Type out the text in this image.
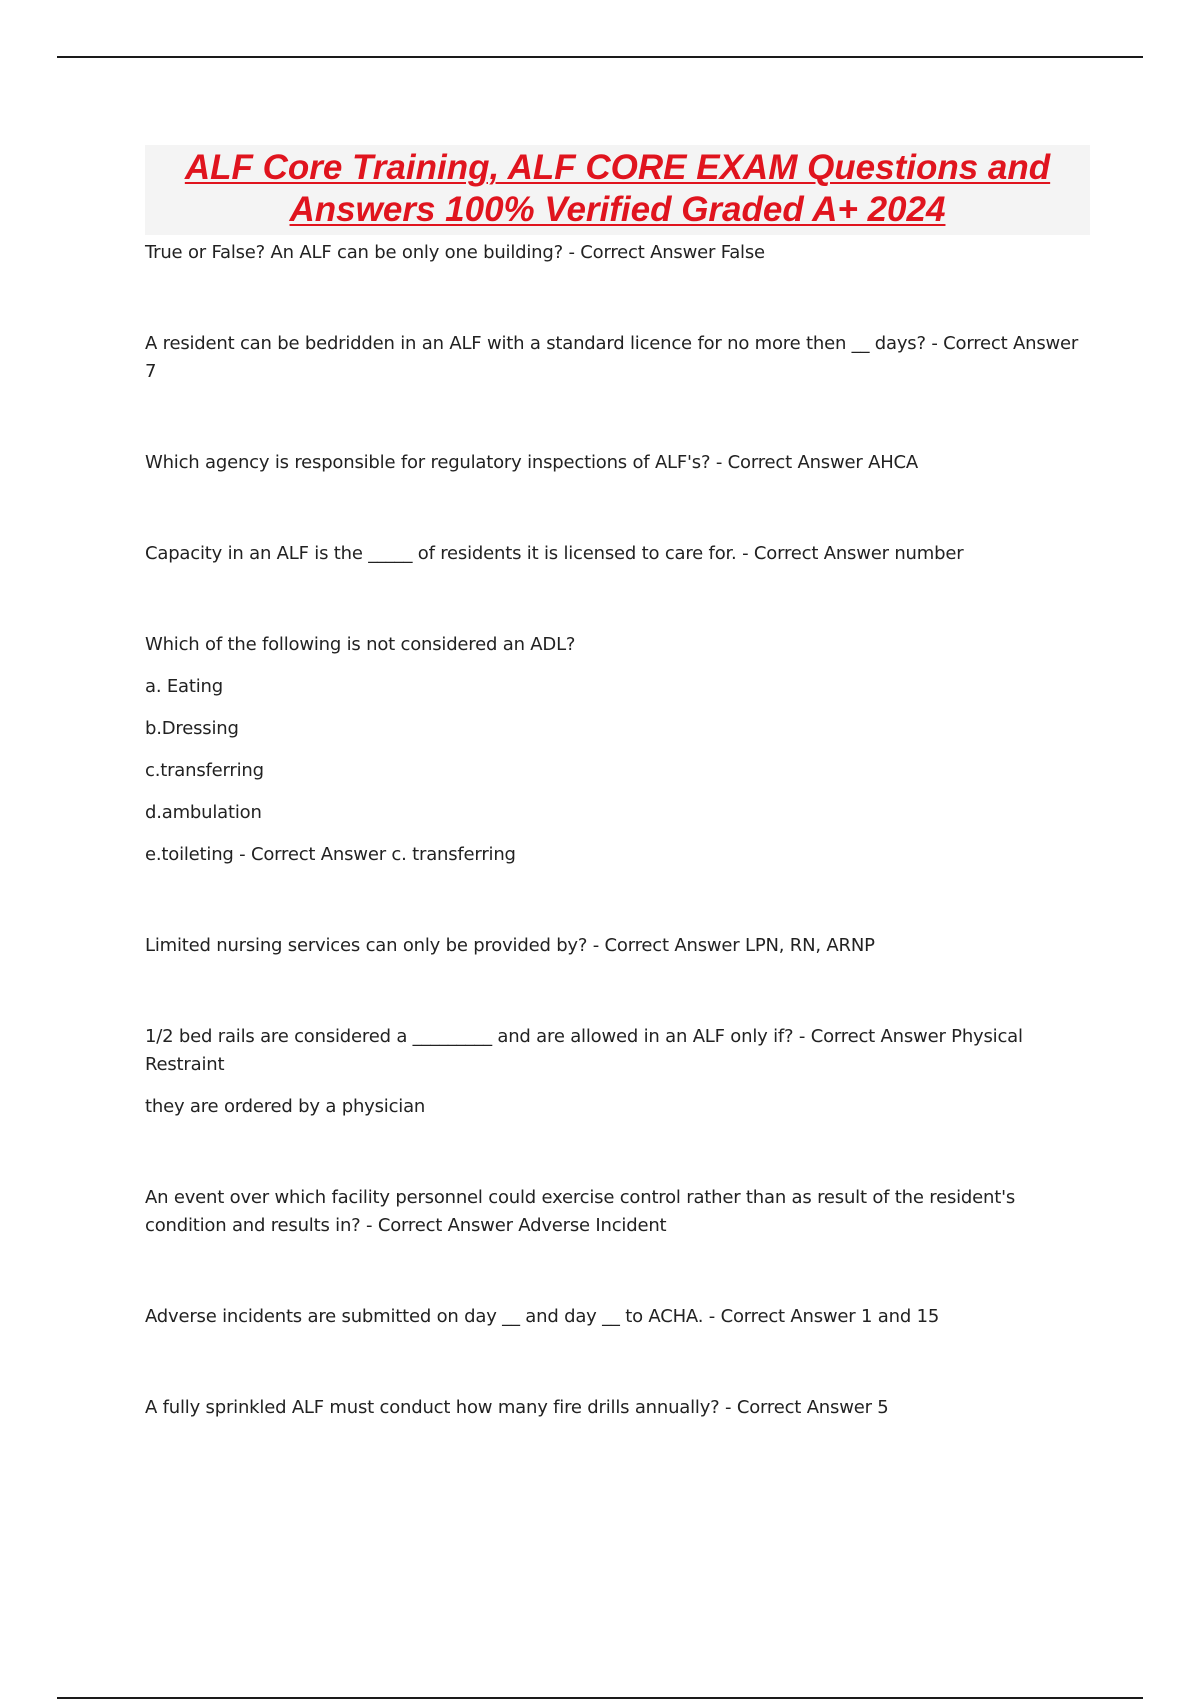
ALF Core Training, ALF CORE EXAM Questions and Answers 100% Verified Graded A+ 2024

True or False? An ALF can be only one building? - Correct Answer False

A resident can be bedridden in an ALF with a standard licence for no more then __ days? - Correct Answer 7

Which agency is responsible for regulatory inspections of ALF's? - Correct Answer AHCA

Capacity in an ALF is the _____ of residents it is licensed to care for. - Correct Answer number

Which of the following is not considered an ADL?

a. Eating
b.Dressing
c.transferring
d.ambulation
e.toileting - Correct Answer c. transferring

Limited nursing services can only be provided by? - Correct Answer LPN, RN, ARNP

1/2 bed rails are considered a _________ and are allowed in an ALF only if? - Correct Answer Physical Restraint

they are ordered by a physician

An event over which facility personnel could exercise control rather than as result of the resident's condition and results in? - Correct Answer Adverse Incident

Adverse incidents are submitted on day __ and day __ to ACHA. - Correct Answer 1 and 15

A fully sprinkled ALF must conduct how many fire drills annually? - Correct Answer 5
